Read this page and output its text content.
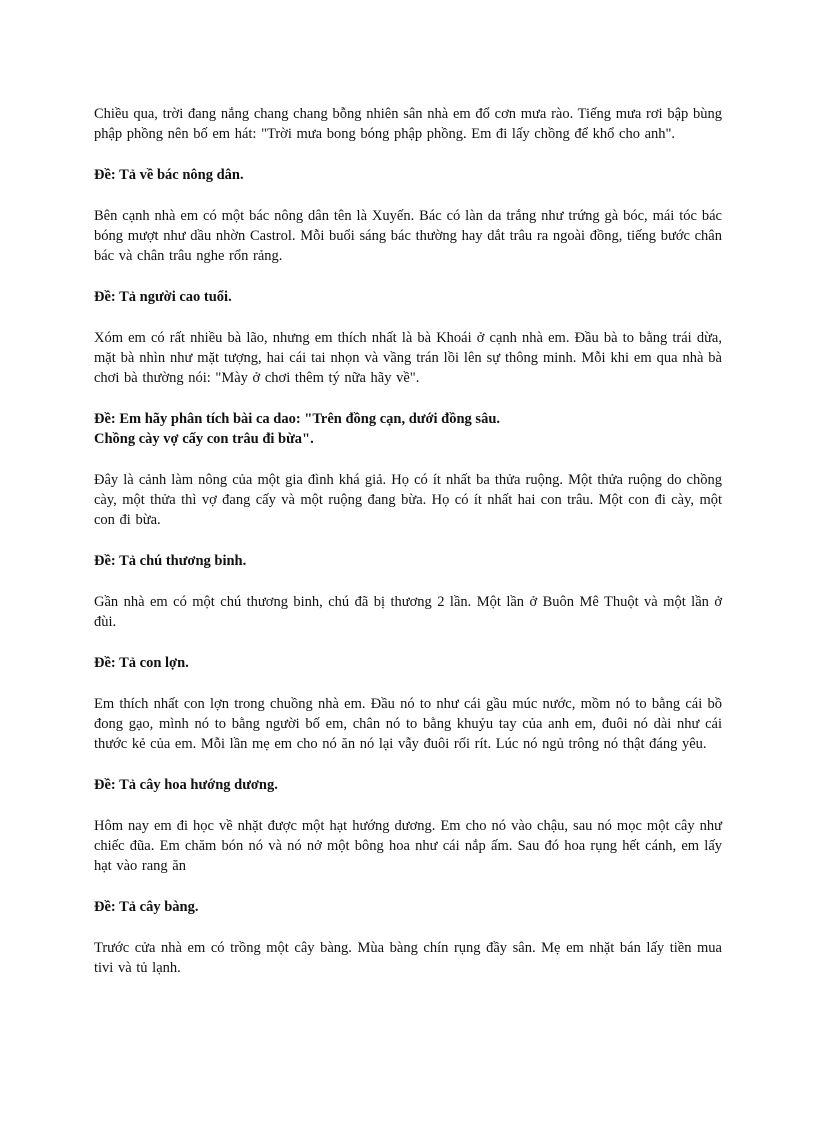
Chiều qua, trời đang nắng chang chang bỗng nhiên sân nhà em đổ cơn mưa rào. Tiếng mưa rơi bập bùng phập phồng nên bố em hát: "Trời mưa bong bóng phập phồng. Em đi lấy chồng để khổ cho anh".

Đề: Tả về bác nông dân.

Bên cạnh nhà em có một bác nông dân tên là Xuyến. Bác có làn da trắng như trứng gà bóc, mái tóc bác bóng mượt như dầu nhờn Castrol. Mỗi buổi sáng bác thường hay dắt trâu ra ngoài đồng, tiếng bước chân bác và chân trâu nghe rổn rảng.

Đề: Tả người cao tuổi.

Xóm em có rất nhiều bà lão, nhưng em thích nhất là bà Khoái ở cạnh nhà em. Đầu bà to bằng trái dừa, mặt bà nhìn như mặt tượng, hai cái tai nhọn và vầng trán lồi lên sự thông minh. Mỗi khi em qua nhà bà chơi bà thường nói: "Mày ở chơi thêm tý nữa hãy về".

Đề: Em hãy phân tích bài ca dao: "Trên đồng cạn, dưới đồng sâu.
Chồng cày vợ cấy con trâu đi bừa".

Đây là cảnh làm nông của một gia đình khá giả. Họ có ít nhất ba thửa ruộng. Một thửa ruộng do chồng cày, một thửa thì vợ đang cấy và một ruộng đang bừa. Họ có ít nhất hai con trâu. Một con đi cày, một con đi bừa.

Đề: Tả chú thương binh.

Gần nhà em có một chú thương binh, chú đã bị thương 2 lần. Một lần ở Buôn Mê Thuột và một lần ở đùi.

Đề: Tả con lợn.

Em thích nhất con lợn trong chuồng nhà em. Đầu nó to như cái gầu múc nước, mồm nó to bằng cái bồ đong gạo, mình nó to bằng người bố em, chân nó to bằng khuỷu tay của anh em, đuôi nó dài như cái thước kẻ của em. Mỗi lần mẹ em cho nó ăn nó lại vẫy đuôi rối rít. Lúc nó ngủ trông nó thật đáng yêu.

Đề: Tả cây hoa hướng dương.

Hôm nay em đi học về nhặt được một hạt hướng dương. Em cho nó vào chậu, sau nó mọc một cây như chiếc đũa. Em chăm bón nó và nó nở một bông hoa như cái nắp ấm. Sau đó hoa rụng hết cánh, em lấy hạt vào rang ăn

Đề: Tả cây bàng.

Trước cửa nhà em có trồng một cây bàng. Mùa bàng chín rụng đầy sân. Mẹ em nhặt bán lấy tiền mua tivi và tủ lạnh.
